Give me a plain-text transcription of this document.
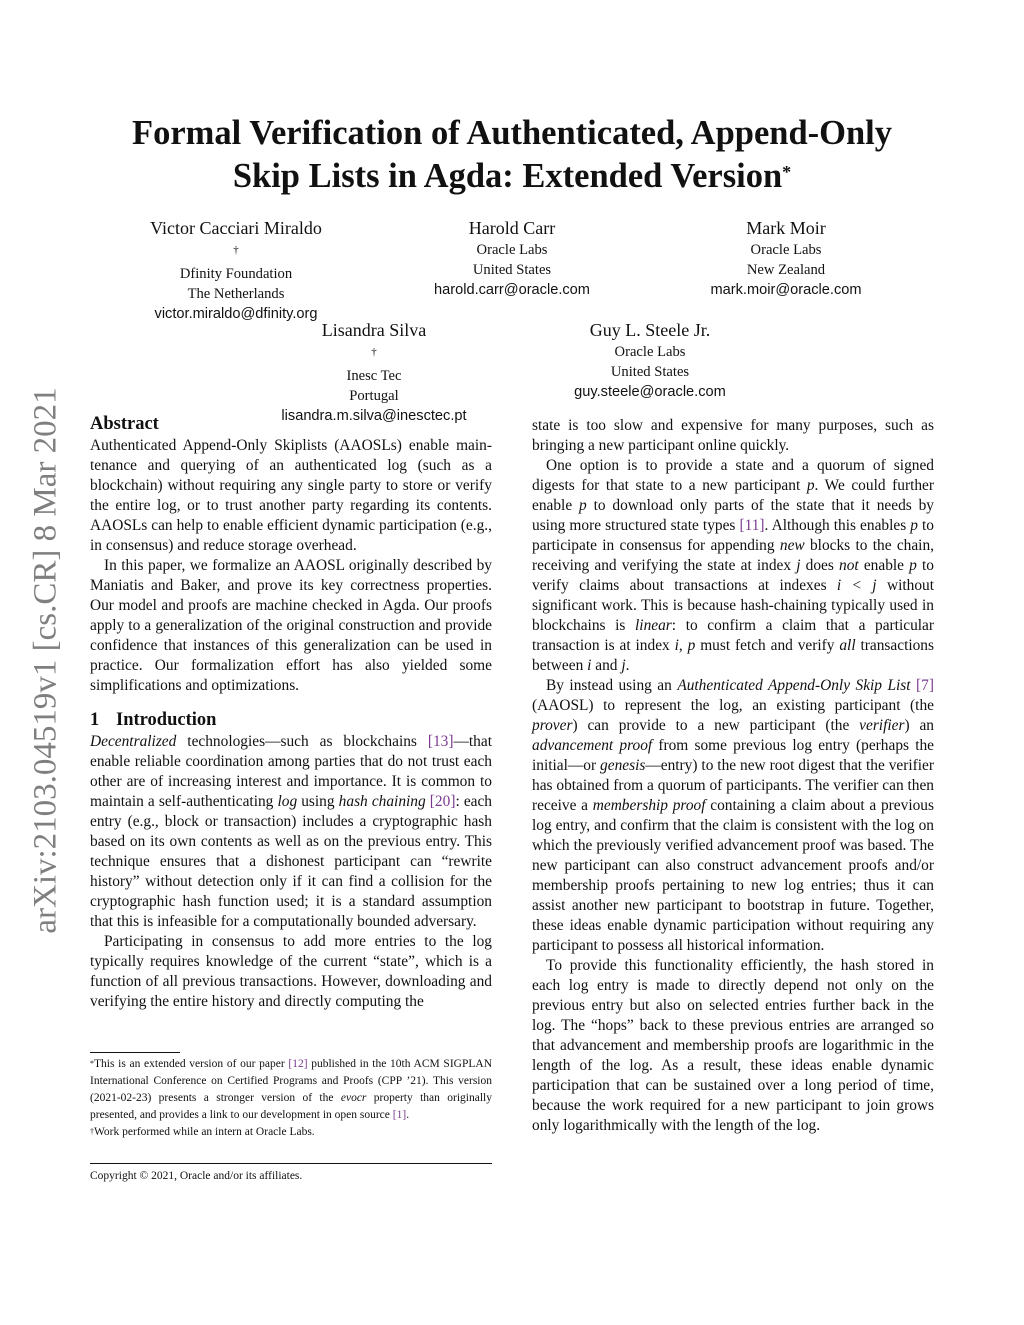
arXiv:2103.04519v1 [cs.CR] 8 Mar 2021
Formal Verification of Authenticated, Append-Only
Skip Lists in Agda: Extended Version*
Victor Cacciari Miraldo
†
Dfinity Foundation
The Netherlands
victor.miraldo@dfinity.org
Harold Carr
Oracle Labs
United States
harold.carr@oracle.com
Mark Moir
Oracle Labs
New Zealand
mark.moir@oracle.com
Lisandra Silva
†
Inesc Tec
Portugal
lisandra.m.silva@inesctec.pt
Guy L. Steele Jr.
Oracle Labs
United States
guy.steele@oracle.com
Abstract

Authenticated Append-Only Skiplists (AAOSLs) enable maintenance and querying of an authenticated log (such as a blockchain) without requiring any single party to store or verify the entire log, or to trust another party regarding its contents. AAOSLs can help to enable efficient dynamic participation (e.g., in consensus) and reduce storage overhead.

In this paper, we formalize an AAOSL originally described by Maniatis and Baker, and prove its key correctness properties. Our model and proofs are machine checked in Agda. Our proofs apply to a generalization of the original construction and provide confidence that instances of this generalization can be used in practice. Our formalization effort has also yielded some simplifications and optimizations.

1 Introduction

Decentralized technologies—such as blockchains [13]—that enable reliable coordination among parties that do not trust each other are of increasing interest and importance. It is common to maintain a self-authenticating log using hash chaining [20]: each entry (e.g., block or transaction) includes a cryptographic hash based on its own contents as well as on the previous entry. This technique ensures that a dishonest participant can “rewrite history” without detection only if it can find a collision for the cryptographic hash function used; it is a standard assumption that this is infeasible for a computationally bounded adversary.

Participating in consensus to add more entries to the log typically requires knowledge of the current “state”, which is a function of all previous transactions. However, downloading and verifying the entire history and directly computing the

*This is an extended version of our paper [12] published in the 10th ACM SIGPLAN International Conference on Certified Programs and Proofs (CPP ’21). This version (2021-02-23) presents a stronger version of the evocr property than originally presented, and provides a link to our development in open source [1].

†Work performed while an intern at Oracle Labs.

Copyright © 2021, Oracle and/or its affiliates.

state is too slow and expensive for many purposes, such as bringing a new participant online quickly.

One option is to provide a state and a quorum of signed digests for that state to a new participant p. We could further enable p to download only parts of the state that it needs by using more structured state types [11]. Although this enables p to participate in consensus for appending new blocks to the chain, receiving and verifying the state at index j does not enable p to verify claims about transactions at indexes i < j without significant work. This is because hash-chaining typically used in blockchains is linear: to confirm a claim that a particular transaction is at index i, p must fetch and verify all transactions between i and j.

By instead using an Authenticated Append-Only Skip List [7] (AAOSL) to represent the log, an existing participant (the prover) can provide to a new participant (the verifier) an advancement proof from some previous log entry (perhaps the initial—or genesis—entry) to the new root digest that the verifier has obtained from a quorum of participants. The verifier can then receive a membership proof containing a claim about a previous log entry, and confirm that the claim is consistent with the log on which the previously verified advancement proof was based. The new participant can also construct advancement proofs and/or membership proofs pertaining to new log entries; thus it can assist another new participant to bootstrap in future. Together, these ideas enable dynamic participation without requiring any participant to possess all historical information.

To provide this functionality efficiently, the hash stored in each log entry is made to directly depend not only on the previous entry but also on selected entries further back in the log. The “hops” back to these previous entries are arranged so that advancement and membership proofs are logarithmic in the length of the log. As a result, these ideas enable dynamic participation that can be sustained over a long period of time, because the work required for a new participant to join grows only logarithmically with the length of the log.
